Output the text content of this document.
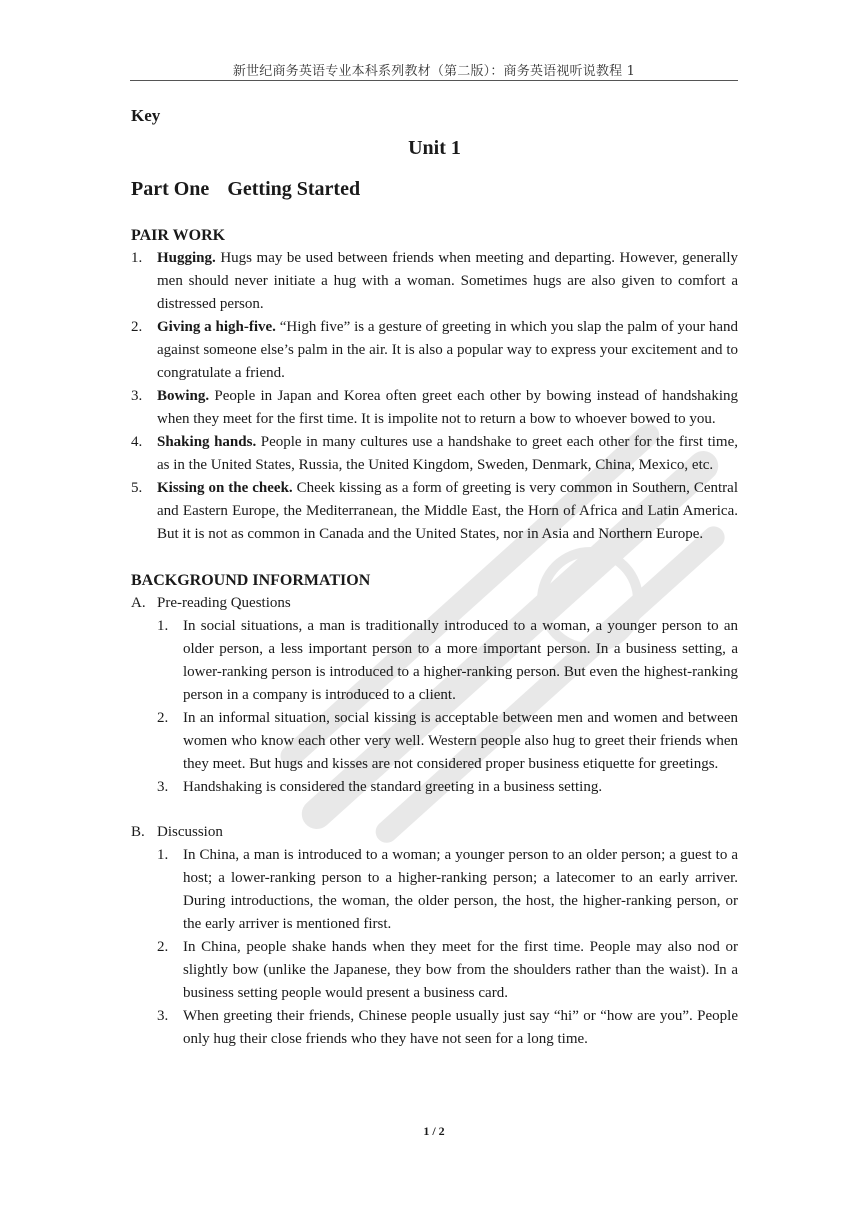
新世纪商务英语专业本科系列教材（第二版）：商务英语视听说教程 1

Key

Unit 1

Part One Getting Started

PAIR WORK

1. Hugging. Hugs may be used between friends when meeting and departing. However, generally men should never initiate a hug with a woman. Sometimes hugs are also given to comfort a distressed person.
2. Giving a high-five. “High five” is a gesture of greeting in which you slap the palm of your hand against someone else’s palm in the air. It is also a popular way to express your excitement and to congratulate a friend.
3. Bowing. People in Japan and Korea often greet each other by bowing instead of handshaking when they meet for the first time. It is impolite not to return a bow to whoever bowed to you.
4. Shaking hands. People in many cultures use a handshake to greet each other for the first time, as in the United States, Russia, the United Kingdom, Sweden, Denmark, China, Mexico, etc.
5. Kissing on the cheek. Cheek kissing as a form of greeting is very common in Southern, Central and Eastern Europe, the Mediterranean, the Middle East, the Horn of Africa and Latin America. But it is not as common in Canada and the United States, nor in Asia and Northern Europe.

BACKGROUND INFORMATION

A. Pre-reading Questions

1. In social situations, a man is traditionally introduced to a woman, a younger person to an older person, a less important person to a more important person. In a business setting, a lower-ranking person is introduced to a higher-ranking person. But even the highest-ranking person in a company is introduced to a client.
2. In an informal situation, social kissing is acceptable between men and women and between women who know each other very well. Western people also hug to greet their friends when they meet. But hugs and kisses are not considered proper business etiquette for greetings.
3. Handshaking is considered the standard greeting in a business setting.

B. Discussion

1. In China, a man is introduced to a woman; a younger person to an older person; a guest to a host; a lower-ranking person to a higher-ranking person; a latecomer to an early arriver. During introductions, the woman, the older person, the host, the higher-ranking person, or the early arriver is mentioned first.
2. In China, people shake hands when they meet for the first time. People may also nod or slightly bow (unlike the Japanese, they bow from the shoulders rather than the waist). In a business setting people would present a business card.
3. When greeting their friends, Chinese people usually just say “hi” or “how are you”. People only hug their close friends who they have not seen for a long time.
1 / 2
